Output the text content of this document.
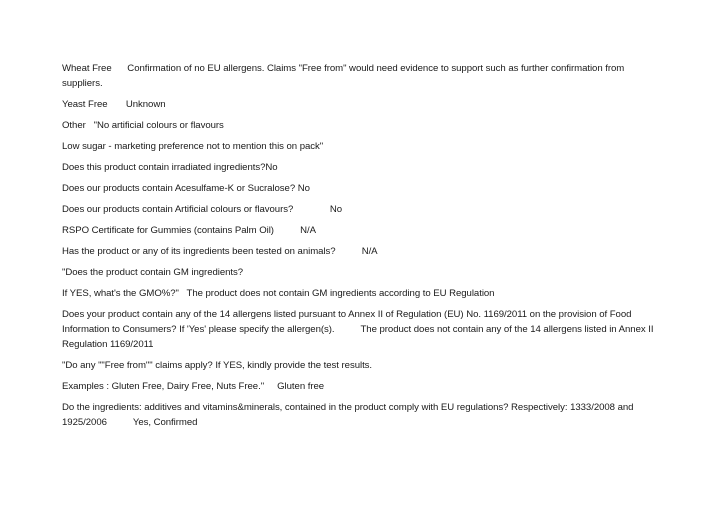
Wheat Free      Confirmation of no EU allergens. Claims "Free from" would need evidence to support such as further confirmation from suppliers.

Yeast Free       Unknown

Other   "No artificial colours or flavours

Low sugar - marketing preference not to mention this on pack"

Does this product contain irradiated ingredients?No

Does our products contain Acesulfame-K or Sucralose? No

Does our products contain Artificial colours or flavours?              No

RSPO Certificate for Gummies (contains Palm Oil)          N/A

Has the product or any of its ingredients been tested on animals?          N/A

"Does the product contain GM ingredients?

If YES, what's the GMO%?"   The product does not contain GM ingredients according to EU Regulation

Does your product contain any of the 14 allergens listed pursuant to Annex II of Regulation (EU) No. 1169/2011 on the provision of Food Information to Consumers? If 'Yes' please specify the allergen(s).          The product does not contain any of the 14 allergens listed in Annex II Regulation 1169/2011

"Do any ""Free from"" claims apply? If YES, kindly provide the test results.

Examples : Gluten Free, Dairy Free, Nuts Free."     Gluten free

Do the ingredients: additives and vitamins&minerals, contained in the product comply with EU regulations? Respectively: 1333/2008 and 1925/2006          Yes, Confirmed
